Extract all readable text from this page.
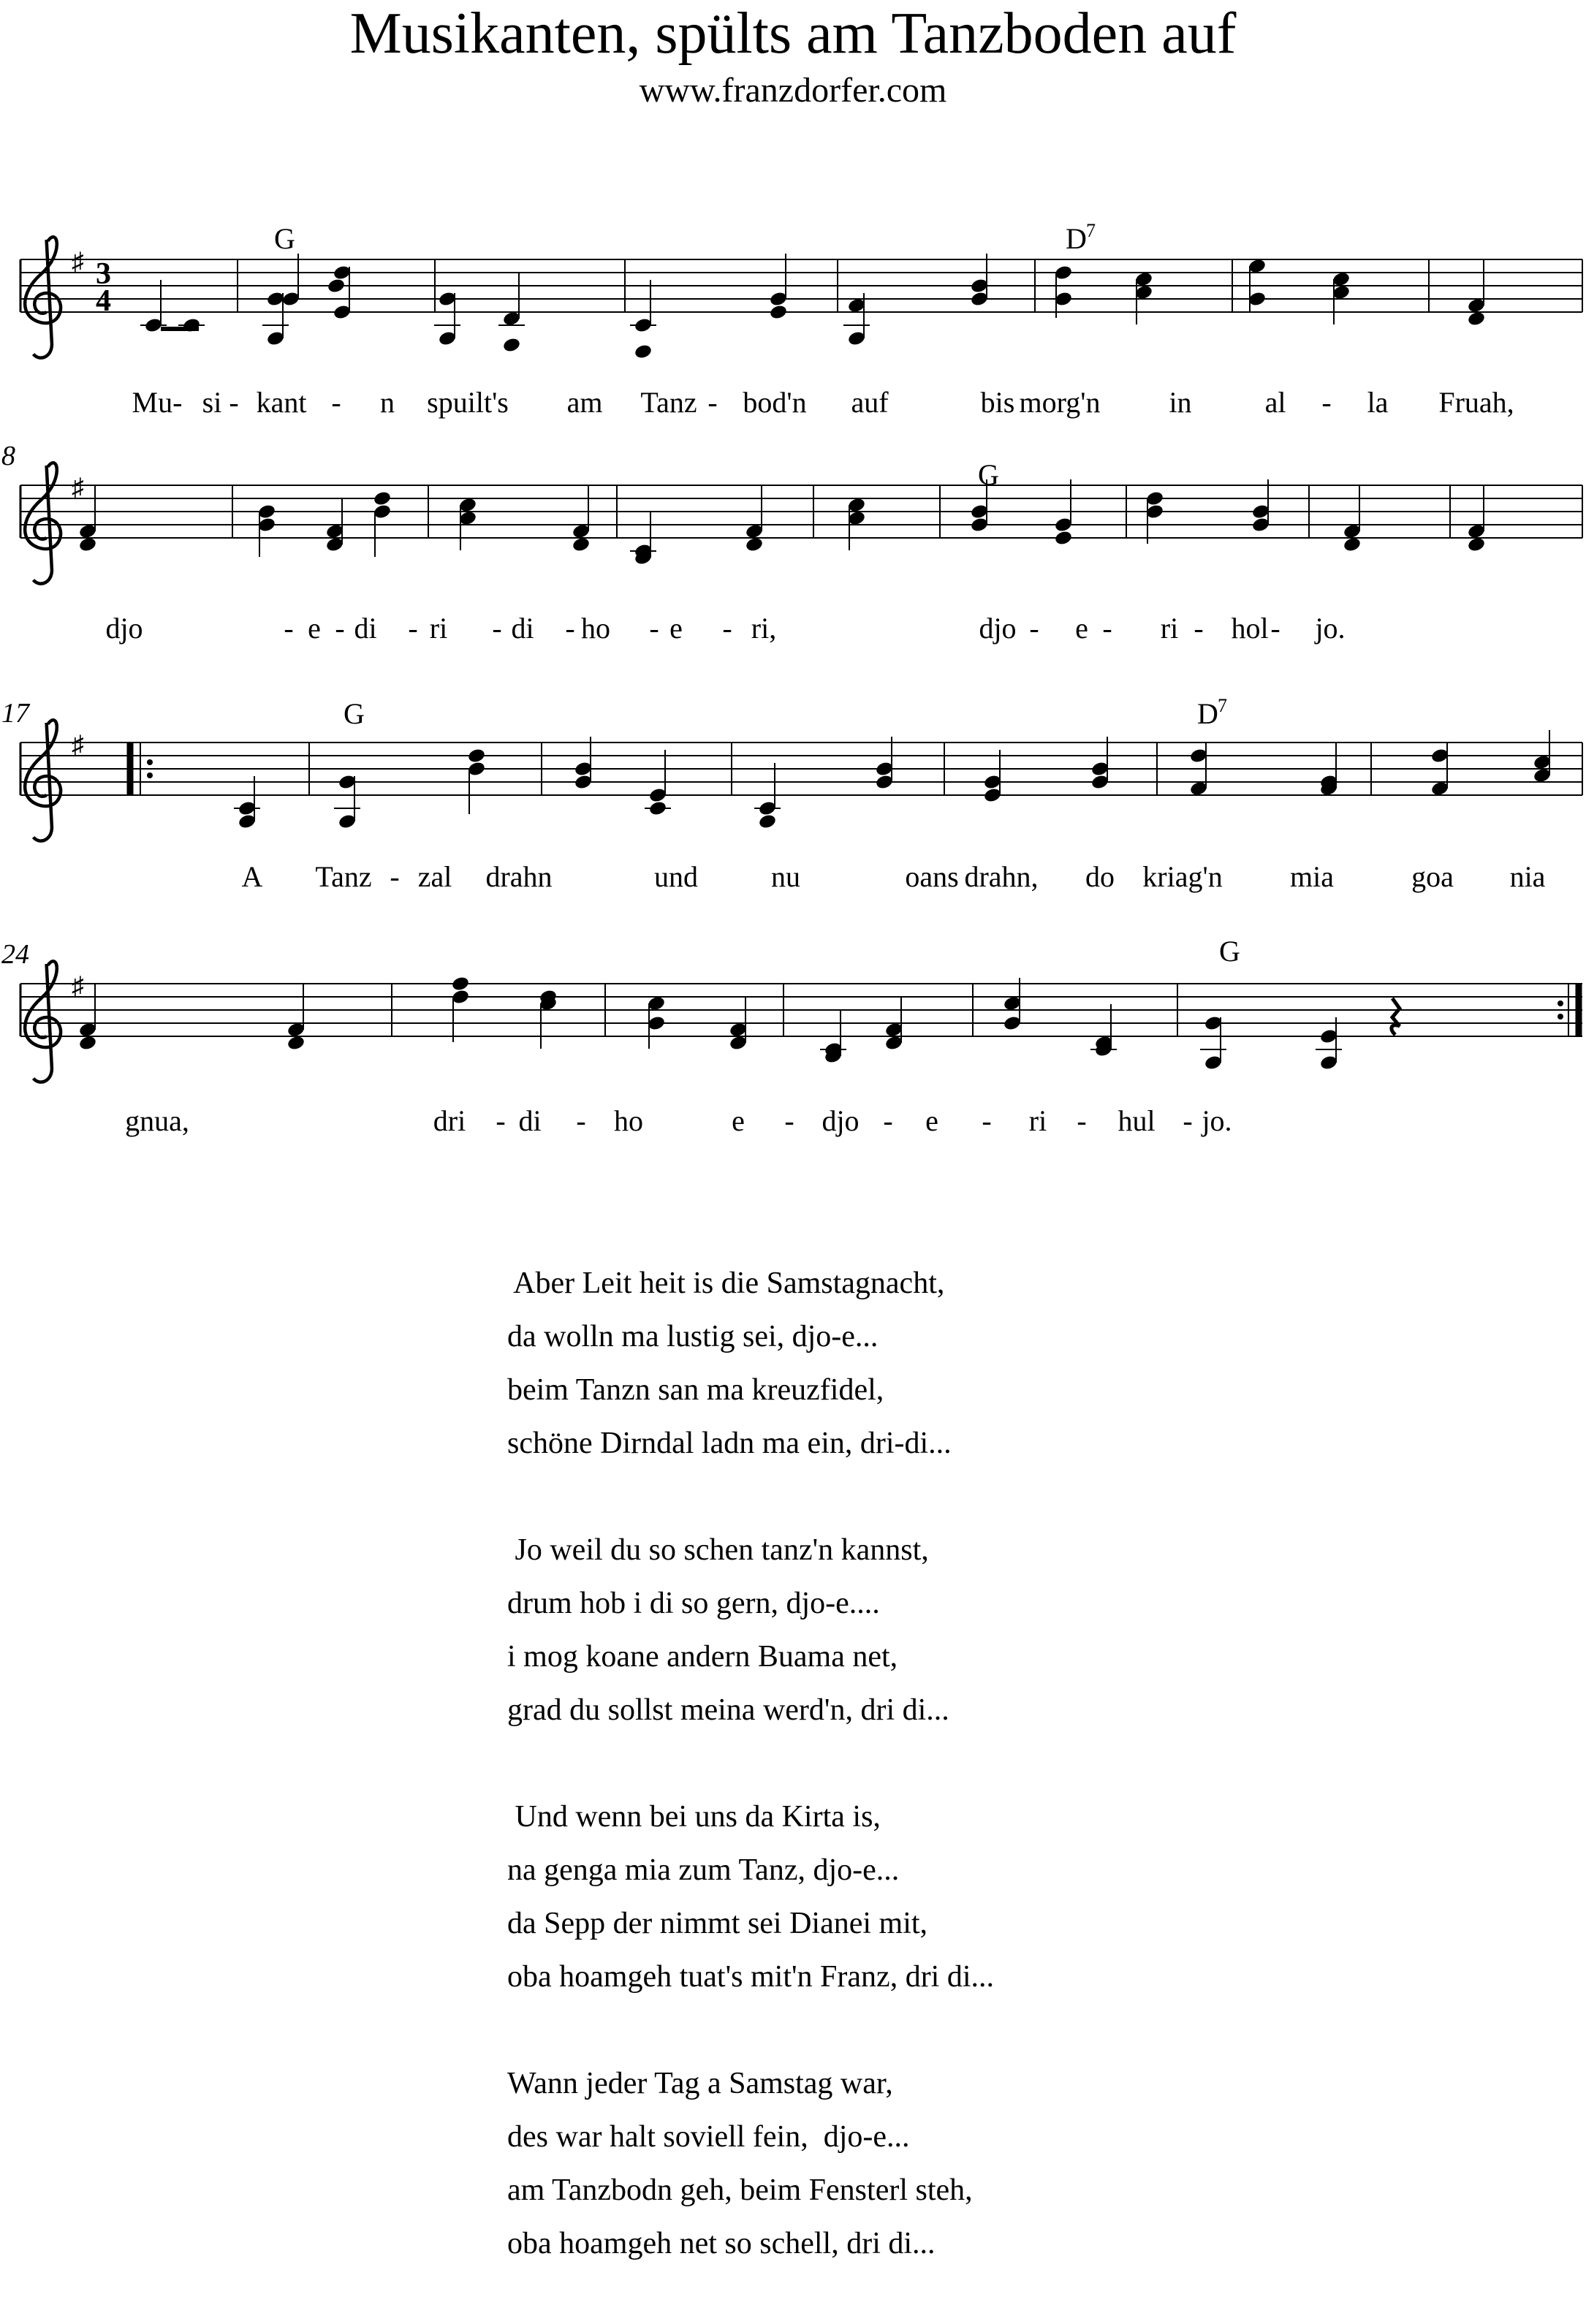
Musikanten, spülts am Tanzboden auf
www.franzdorfer.com
♯ 3
4
G	D 7
Mu- si - kant - n spuilt's am Tanz - bod'n auf	bis morg'n in	al - la Fruah,
♯
8
G
djo	- e - di - ri - di - ho - e - ri,	djo - e - ri - hol - jo.
♯
17	G	D 7
A Tanz - zal drahn	und	nu	oans drahn, do kriag'n mia	goa nia
♯
24	G
gnua,	dri - di - ho	e - djo - e - ri - hul - jo.
Aber Leit heit is die Samstagnacht,
da wolln ma lustig sei, djo-e...
beim Tanzn san ma kreuzfidel,
schöne Dirndal ladn ma ein, dri-di...
Jo weil du so schen tanz'n kannst,
drum hob i di so gern, djo-e....
i mog koane andern Buama net,
grad du sollst meina werd'n, dri di...
Und wenn bei uns da Kirta is,
na genga mia zum Tanz, djo-e...
da Sepp der nimmt sei Dianei mit,
oba hoamgeh tuat's mit'n Franz, dri di...
Wann jeder Tag a Samstag war,
des war halt soviell fein,  djo-e...
am Tanzbodn geh, beim Fensterl steh,
oba hoamgeh net so schell, dri di...
